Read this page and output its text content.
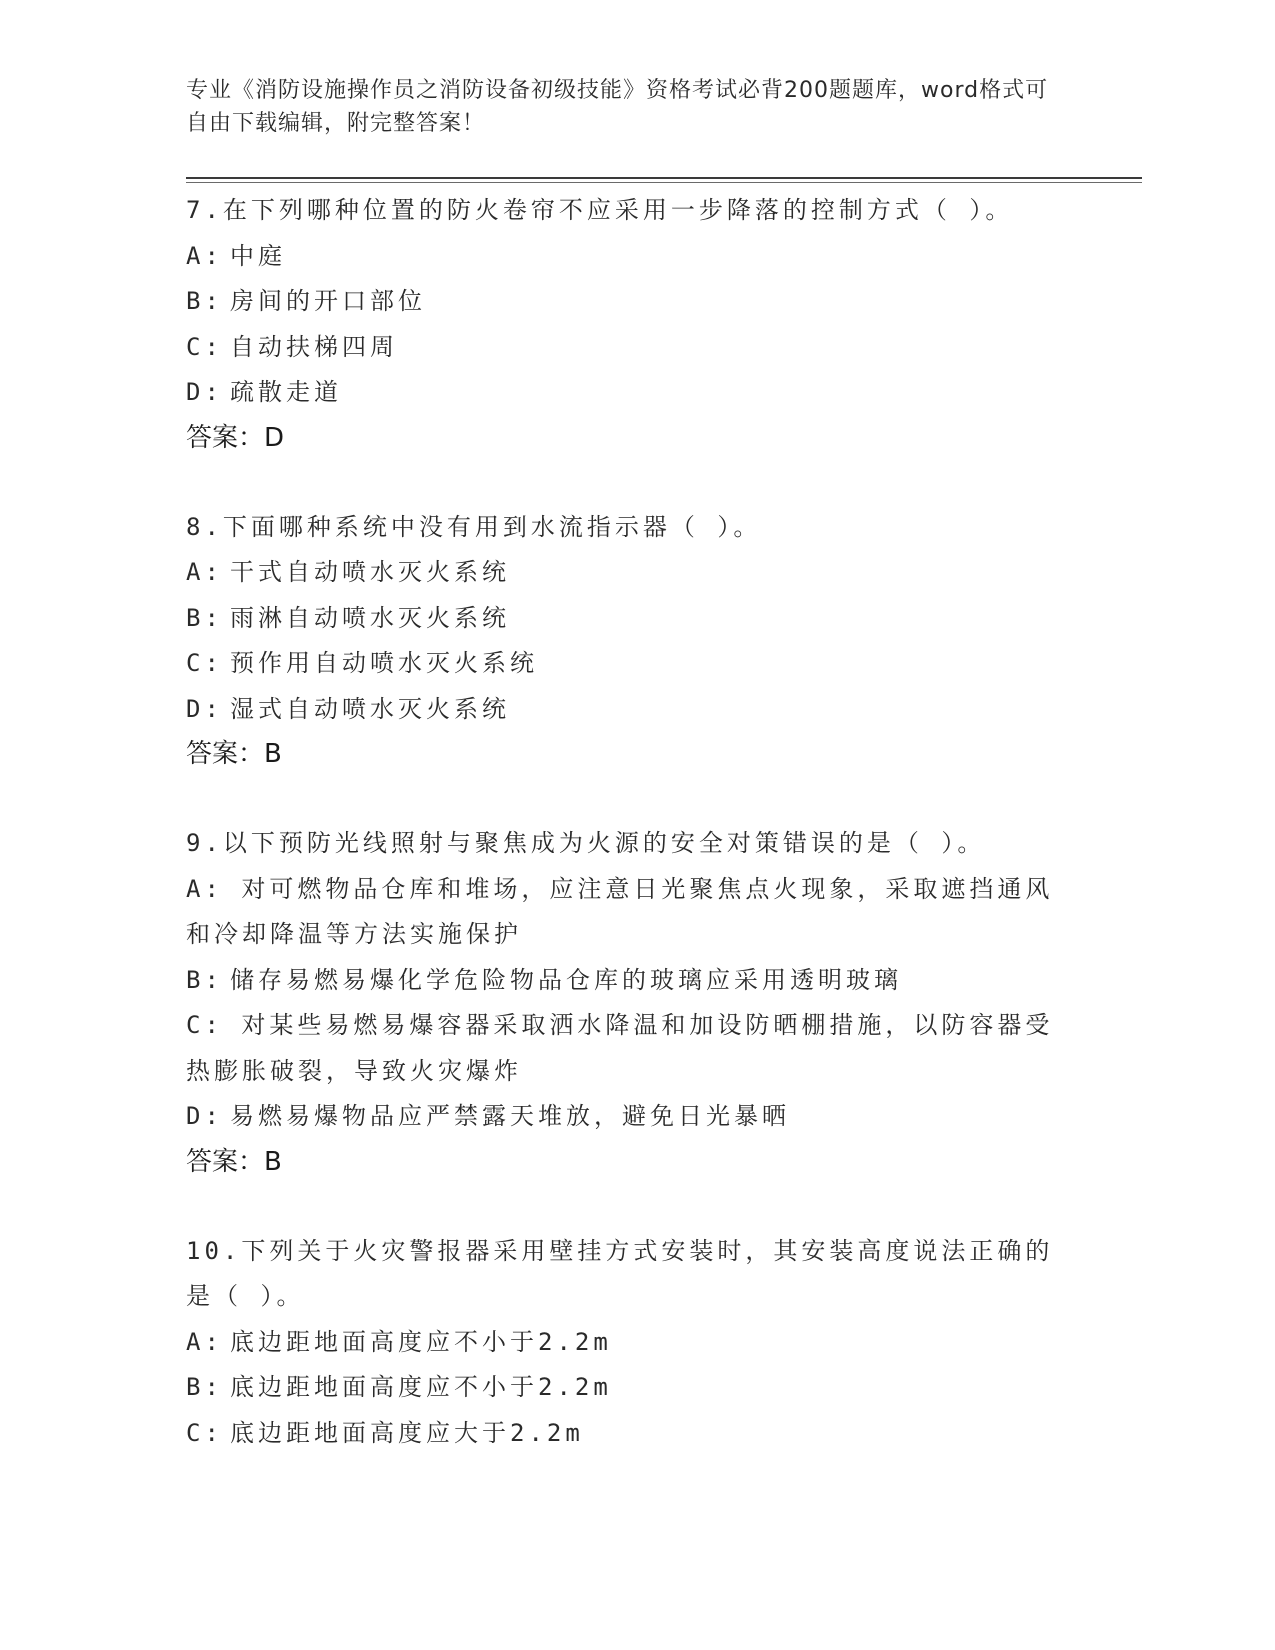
专业《消防设施操作员之消防设备初级技能》资格考试必背200题题库，word格式可自由下载编辑，附完整答案！
7.在下列哪种位置的防火卷帘不应采用一步降落的控制方式（ ）。
A: 中庭
B: 房间的开口部位
C: 自动扶梯四周
D: 疏散走道
答案：D
8.下面哪种系统中没有用到水流指示器（ ）。
A: 干式自动喷水灭火系统
B: 雨淋自动喷水灭火系统
C: 预作用自动喷水灭火系统
D: 湿式自动喷水灭火系统
答案：B
9.以下预防光线照射与聚焦成为火源的安全对策错误的是（ ）。
A: 对可燃物品仓库和堆场，应注意日光聚焦点火现象，采取遮挡通风和冷却降温等方法实施保护
B: 储存易燃易爆化学危险物品仓库的玻璃应采用透明玻璃
C: 对某些易燃易爆容器采取洒水降温和加设防晒棚措施，以防容器受热膨胀破裂，导致火灾爆炸
D: 易燃易爆物品应严禁露天堆放，避免日光暴晒
答案：B
10.下列关于火灾警报器采用壁挂方式安装时，其安装高度说法正确的是（ ）。
A: 底边距地面高度应不小于2.2m
B: 底边距地面高度应不小于2.2m
C: 底边距地面高度应大于2.2m
